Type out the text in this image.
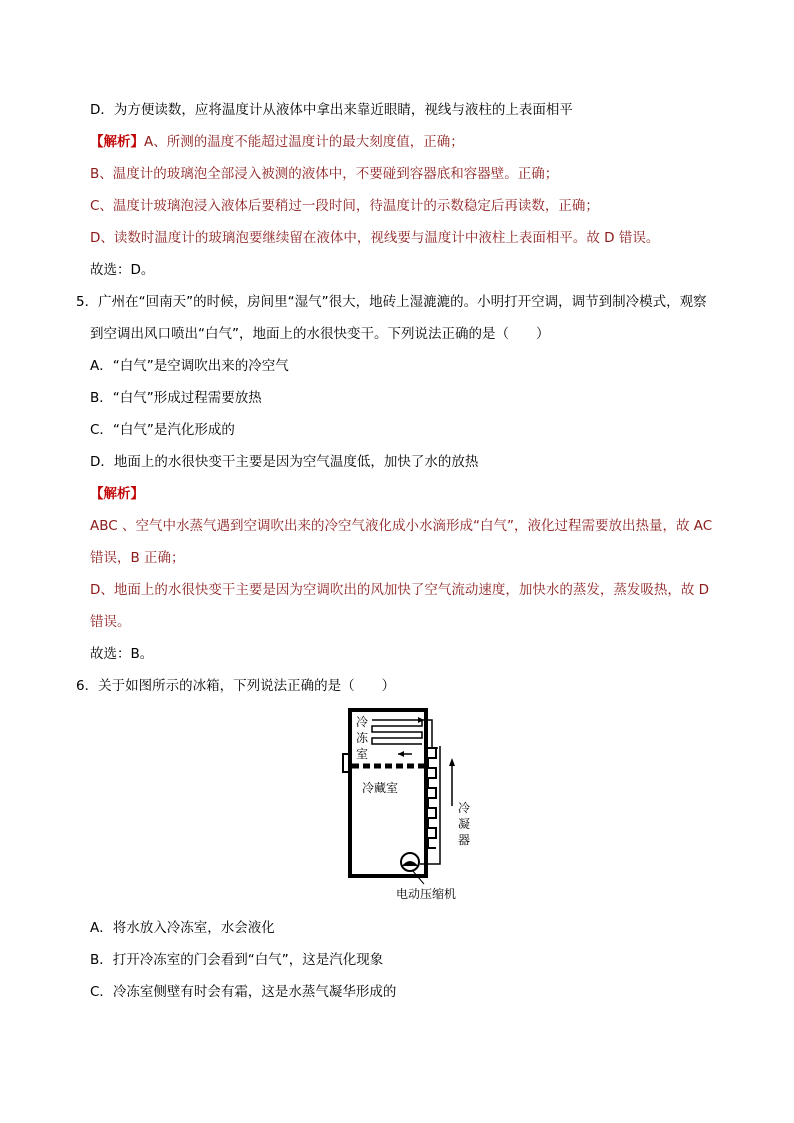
D．为方便读数，应将温度计从液体中拿出来靠近眼睛，视线与液柱的上表面相平
【解析】A、所测的温度不能超过温度计的最大刻度值，正确；
B、温度计的玻璃泡全部浸入被测的液体中，不要碰到容器底和容器壁。正确；
C、温度计玻璃泡浸入液体后要稍过一段时间，待温度计的示数稳定后再读数，正确；
D、读数时温度计的玻璃泡要继续留在液体中，视线要与温度计中液柱上表面相平。故 D 错误。
故选：D。
5．广州在“回南天”的时候，房间里“湿气”很大，地砖上湿漉漉的。小明打开空调，调节到制冷模式，观察
到空调出风口喷出“白气”，地面上的水很快变干。下列说法正确的是（　　）
A．“白气”是空调吹出来的冷空气
B．“白气”形成过程需要放热
C．“白气”是汽化形成的
D．地面上的水很快变干主要是因为空气温度低，加快了水的放热
【解析】
ABC 、空气中水蒸气遇到空调吹出来的冷空气液化成小水滴形成“白气”，液化过程需要放出热量，故 AC
错误，B 正确；
D、地面上的水很快变干主要是因为空调吹出的风加快了空气流动速度，加快水的蒸发，蒸发吸热，故 D
错误。
故选：B。
6．关于如图所示的冰箱，下列说法正确的是（　　）
冷
冻
室
冷藏室
冷
凝
器
电动压缩机
A．将水放入冷冻室，水会液化
B．打开冷冻室的门会看到“白气”，这是汽化现象
C．冷冻室侧壁有时会有霜，这是水蒸气凝华形成的
